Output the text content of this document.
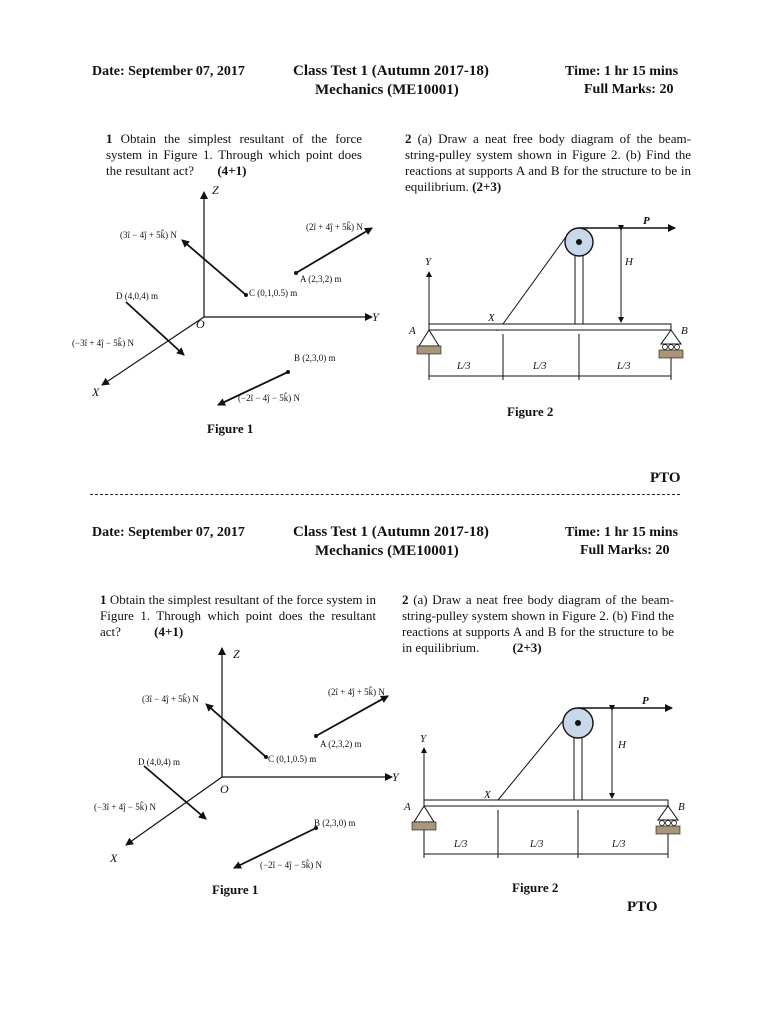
Date: September 07, 2017	Class Test 1 (Autumn 2017-18)
Mechanics (ME10001)
Time: 1 hr 15 mins
Full Marks: 20
1 Obtain the simplest resultant of the force system in Figure 1. Through which point does the resultant act? (4+1)
2 (a) Draw a neat free body diagram of the beam-string-pulley system shown in Figure 2. (b) Find the reactions at supports A and B for the structure to be in equilibrium. (2+3)
Z
Y
X
O
A (2,3,2) m
B (2,3,0) m
C (0,1,0.5) m
D (4,0,4) m
(3î − 4ĵ + 5k̂) N
(2î + 4ĵ + 5k̂) N
(−3î + 4ĵ − 5k̂) N
(−2î − 4ĵ − 5k̂) N
Figure 1
P
H
Y
X
A	B
L/3	L/3	L/3
Figure 2
PTO
Date: September 07, 2017	Class Test 1 (Autumn 2017-18)
Mechanics (ME10001)
Time: 1 hr 15 mins
Full Marks: 20
1 Obtain the simplest resultant of the force system in Figure 1. Through which point does the resultant act?	(4+1)
2 (a) Draw a neat free body diagram of the beam-string-pulley system shown in Figure 2. (b) Find the reactions at supports A and B for the structure to be in equilibrium.	(2+3)
Z
Y
X
O
A (2,3,2) m
B (2,3,0) m
C (0,1,0.5) m
D (4,0,4) m
(3î − 4ĵ + 5k̂) N
(2î + 4ĵ + 5k̂) N
(−3î + 4ĵ − 5k̂) N
(−2î − 4ĵ − 5k̂) N
Figure 1
P
H
Y
X
A	B
L/3	L/3	L/3
Figure 2
PTO
